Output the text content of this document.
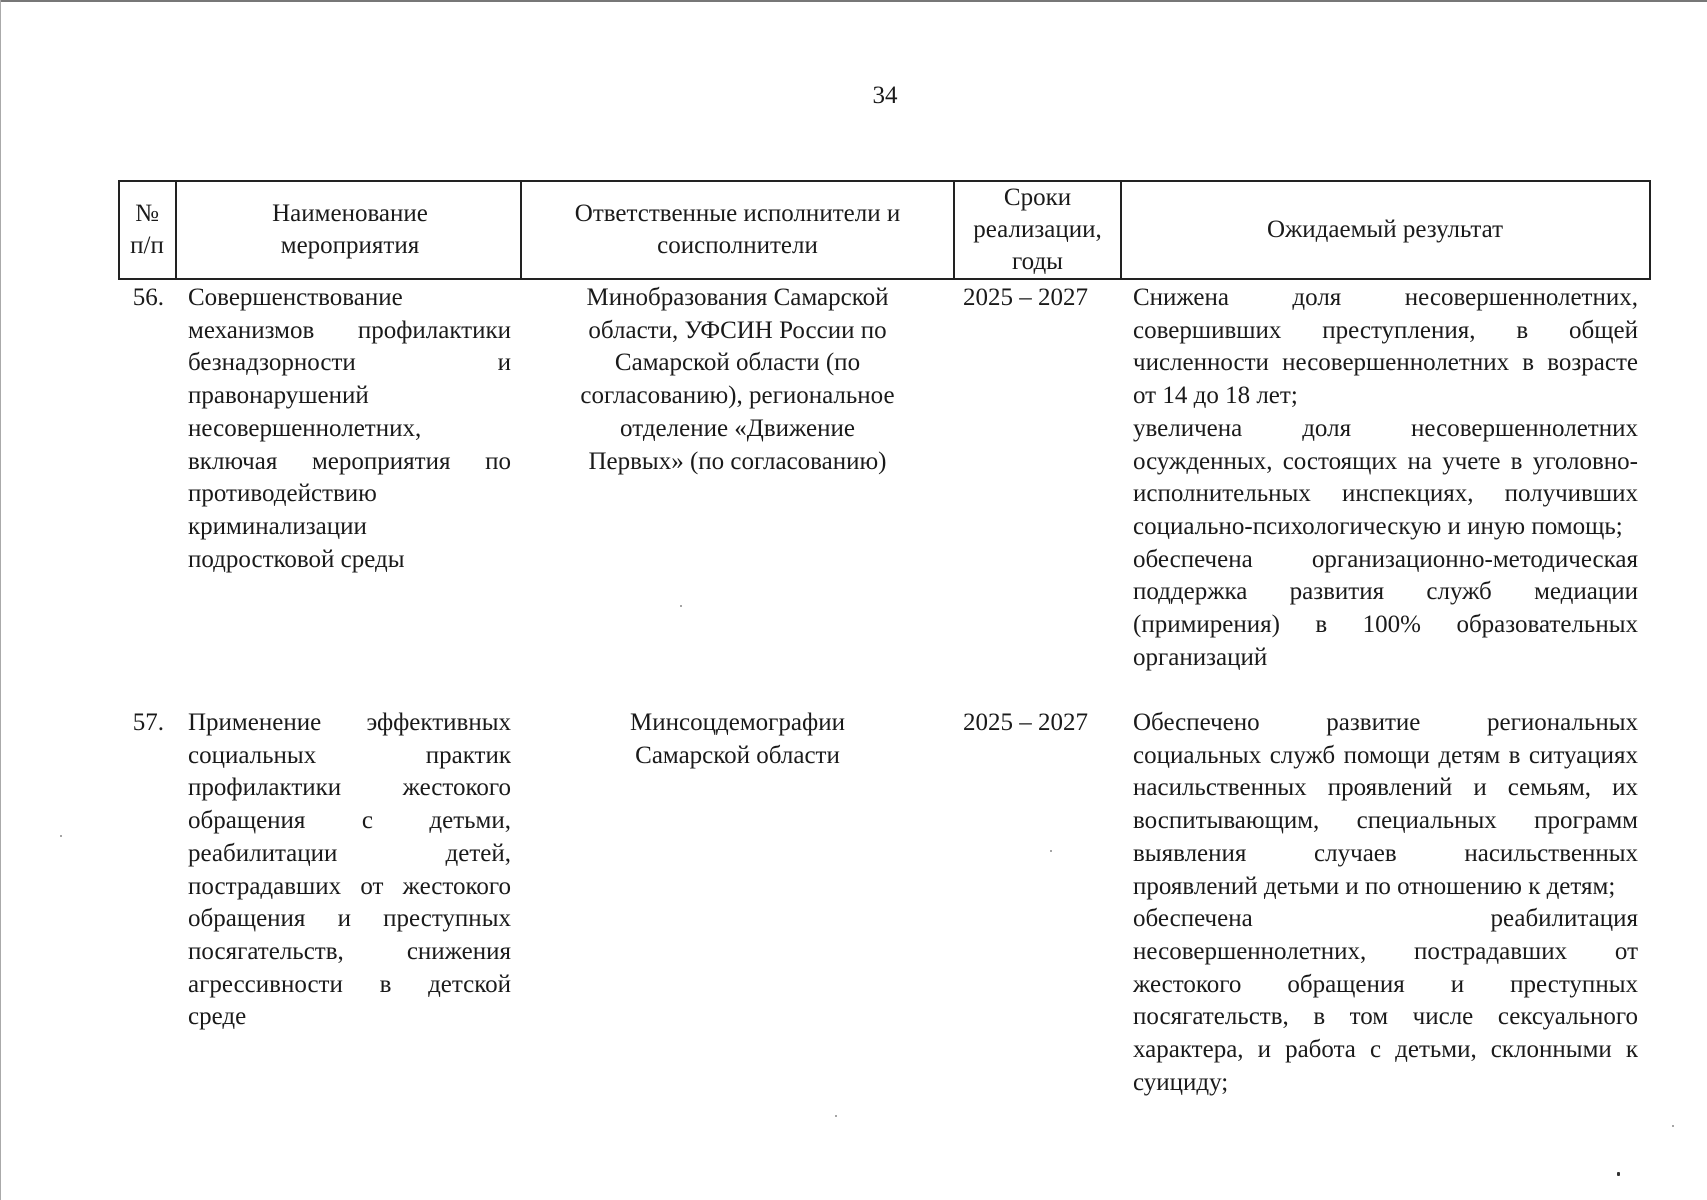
34
№ п/п
Наименование мероприятия
Ответственные исполнители и соисполнители
Сроки реализации, годы
Ожидаемый результат
56. Совершенствование механизмов профилактики безнадзорности и правонарушений несовершеннолетних, включая мероприятия по противодействию криминализации подростковой среды
Минобразования Самарской области, УФСИН России по Самарской области (по согласованию), региональное отделение «Движение Первых» (по согласованию)
2025 – 2027	Снижена доля несовершеннолетних, совершивших преступления, в общей численности несовершеннолетних в возрасте от 14 до 18 лет;
увеличена доля несовершеннолетних осужденных, состоящих на учете в уголовно-исполнительных инспекциях, получивших социально-психологическую и иную помощь;
обеспечена организационно-методическая поддержка развития служб медиации (примирения) в 100% образовательных организаций
57. Применение эффективных социальных практик профилактики жестокого обращения с детьми, реабилитации детей, пострадавших от жестокого обращения и преступных посягательств, снижения агрессивности в детской среде
Минсоцдемографии Самарской области
2025 – 2027	Обеспечено развитие региональных социальных служб помощи детям в ситуациях насильственных проявлений и семьям, их воспитывающим, специальных программ выявления случаев насильственных проявлений детьми и по отношению к детям;
обеспечена реабилитация несовершеннолетних, пострадавших от жестокого обращения и преступных посягательств, в том числе сексуального характера, и работа с детьми, склонными к суициду;
